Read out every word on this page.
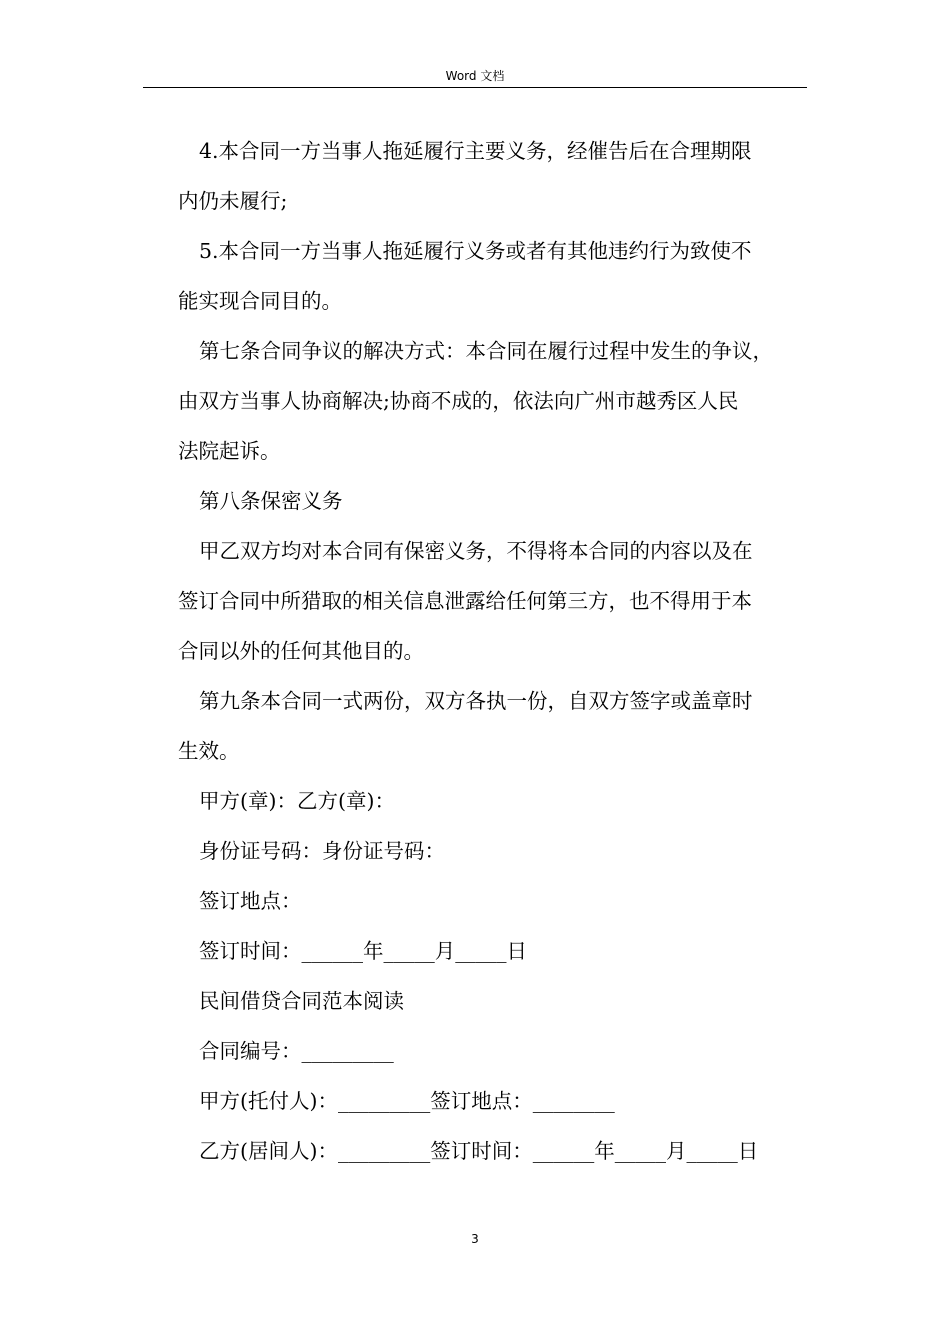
Word 文档

4.本合同一方当事人拖延履行主要义务，经催告后在合理期限

内仍未履行;

5.本合同一方当事人拖延履行义务或者有其他违约行为致使不

能实现合同目的。

第七条合同争议的解决方式：本合同在履行过程中发生的争议，

由双方当事人协商解决;协商不成的，依法向广州市越秀区人民

法院起诉。

第八条保密义务

甲乙双方均对本合同有保密义务，不得将本合同的内容以及在

签订合同中所猎取的相关信息泄露给任何第三方，也不得用于本

合同以外的任何其他目的。

第九条本合同一式两份，双方各执一份，自双方签字或盖章时

生效。

甲方(章)：乙方(章)：

身份证号码：身份证号码：

签订地点：

签订时间：______年_____月_____日

民间借贷合同范本阅读

合同编号：_________

甲方(托付人)：_________签订地点：________

乙方(居间人)：_________签订时间：______年_____月_____日

3
